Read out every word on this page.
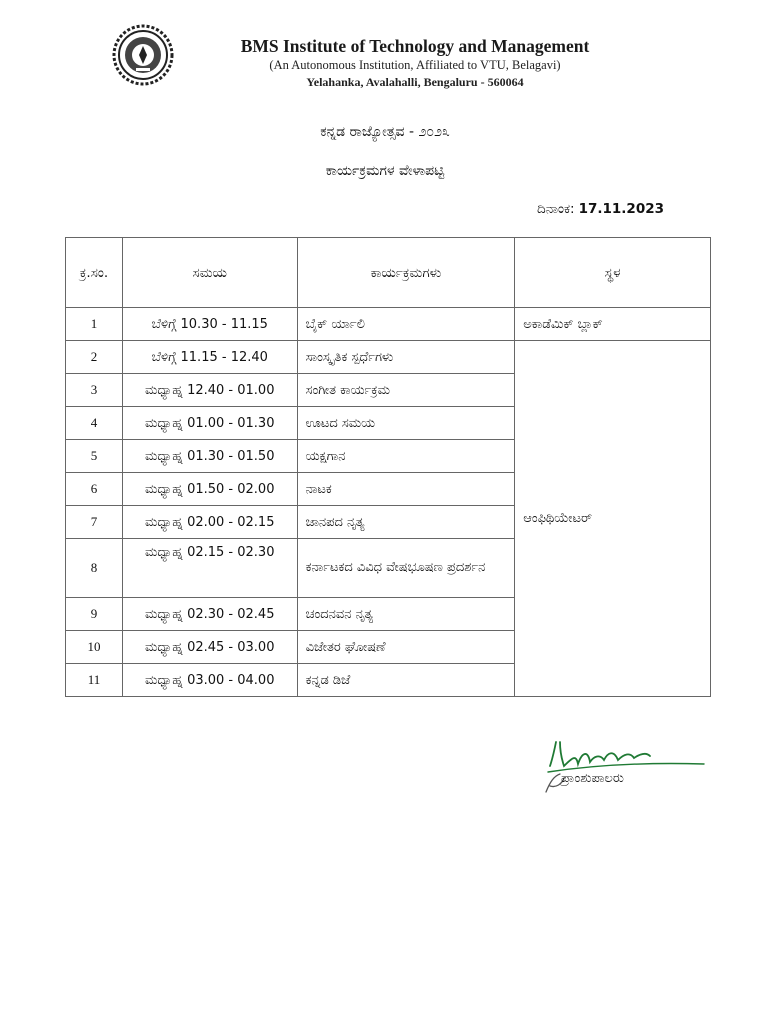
BMS Institute of Technology and Management
(An Autonomous Institution, Affiliated to VTU, Belagavi)
Yelahanka, Avalahalli, Bengaluru - 560064
ಕನ್ನಡ ರಾಜ್ಯೋತ್ಸವ - ೨೦೨೩
ಕಾರ್ಯಕ್ರಮಗಳ ವೇಳಾಪಟ್ಟಿ
ದಿನಾಂಕ: 17.11.2023
ಕ್ರ.ಸಂ.	ಸಮಯ	ಕಾರ್ಯಕ್ರಮಗಳು	ಸ್ಥಳ
1	ಬೆಳಿಗ್ಗೆ 10.30 - 11.15	ಬೈಕ್ ರ್ಯಾಲಿ	ಅಕಾಡೆಮಿಕ್ ಬ್ಲಾಕ್
2	ಬೆಳಿಗ್ಗೆ 11.15 - 12.40	ಸಾಂಸ್ಕೃತಿಕ ಸ್ಪರ್ಧೆಗಳು	ಆಂಫಿಥಿಯೇಟರ್
3	ಮಧ್ಯಾಹ್ನ 12.40 - 01.00	ಸಂಗೀತ ಕಾರ್ಯಕ್ರಮ	
4	ಮಧ್ಯಾಹ್ನ 01.00 - 01.30	ಊಟದ ಸಮಯ	
5	ಮಧ್ಯಾಹ್ನ 01.30 - 01.50	ಯಕ್ಷಗಾನ	
6	ಮಧ್ಯಾಹ್ನ 01.50 - 02.00	ನಾಟಕ	
7	ಮಧ್ಯಾಹ್ನ 02.00 - 02.15	ಜಾನಪದ ನೃತ್ಯ	
8	ಮಧ್ಯಾಹ್ನ 02.15 - 02.30	ಕರ್ನಾಟಕದ ವಿವಿಧ ವೇಷಭೂಷಣ ಪ್ರದರ್ಶನ	
9	ಮಧ್ಯಾಹ್ನ 02.30 - 02.45	ಚಂದನವನ ನೃತ್ಯ	
10	ಮಧ್ಯಾಹ್ನ 02.45 - 03.00	ವಿಜೇತರ ಘೋಷಣೆ	
11	ಮಧ್ಯಾಹ್ನ 03.00 - 04.00	ಕನ್ನಡ ಡಿಜೆ	
ಪ್ರಾಂಶುಪಾಲರು
